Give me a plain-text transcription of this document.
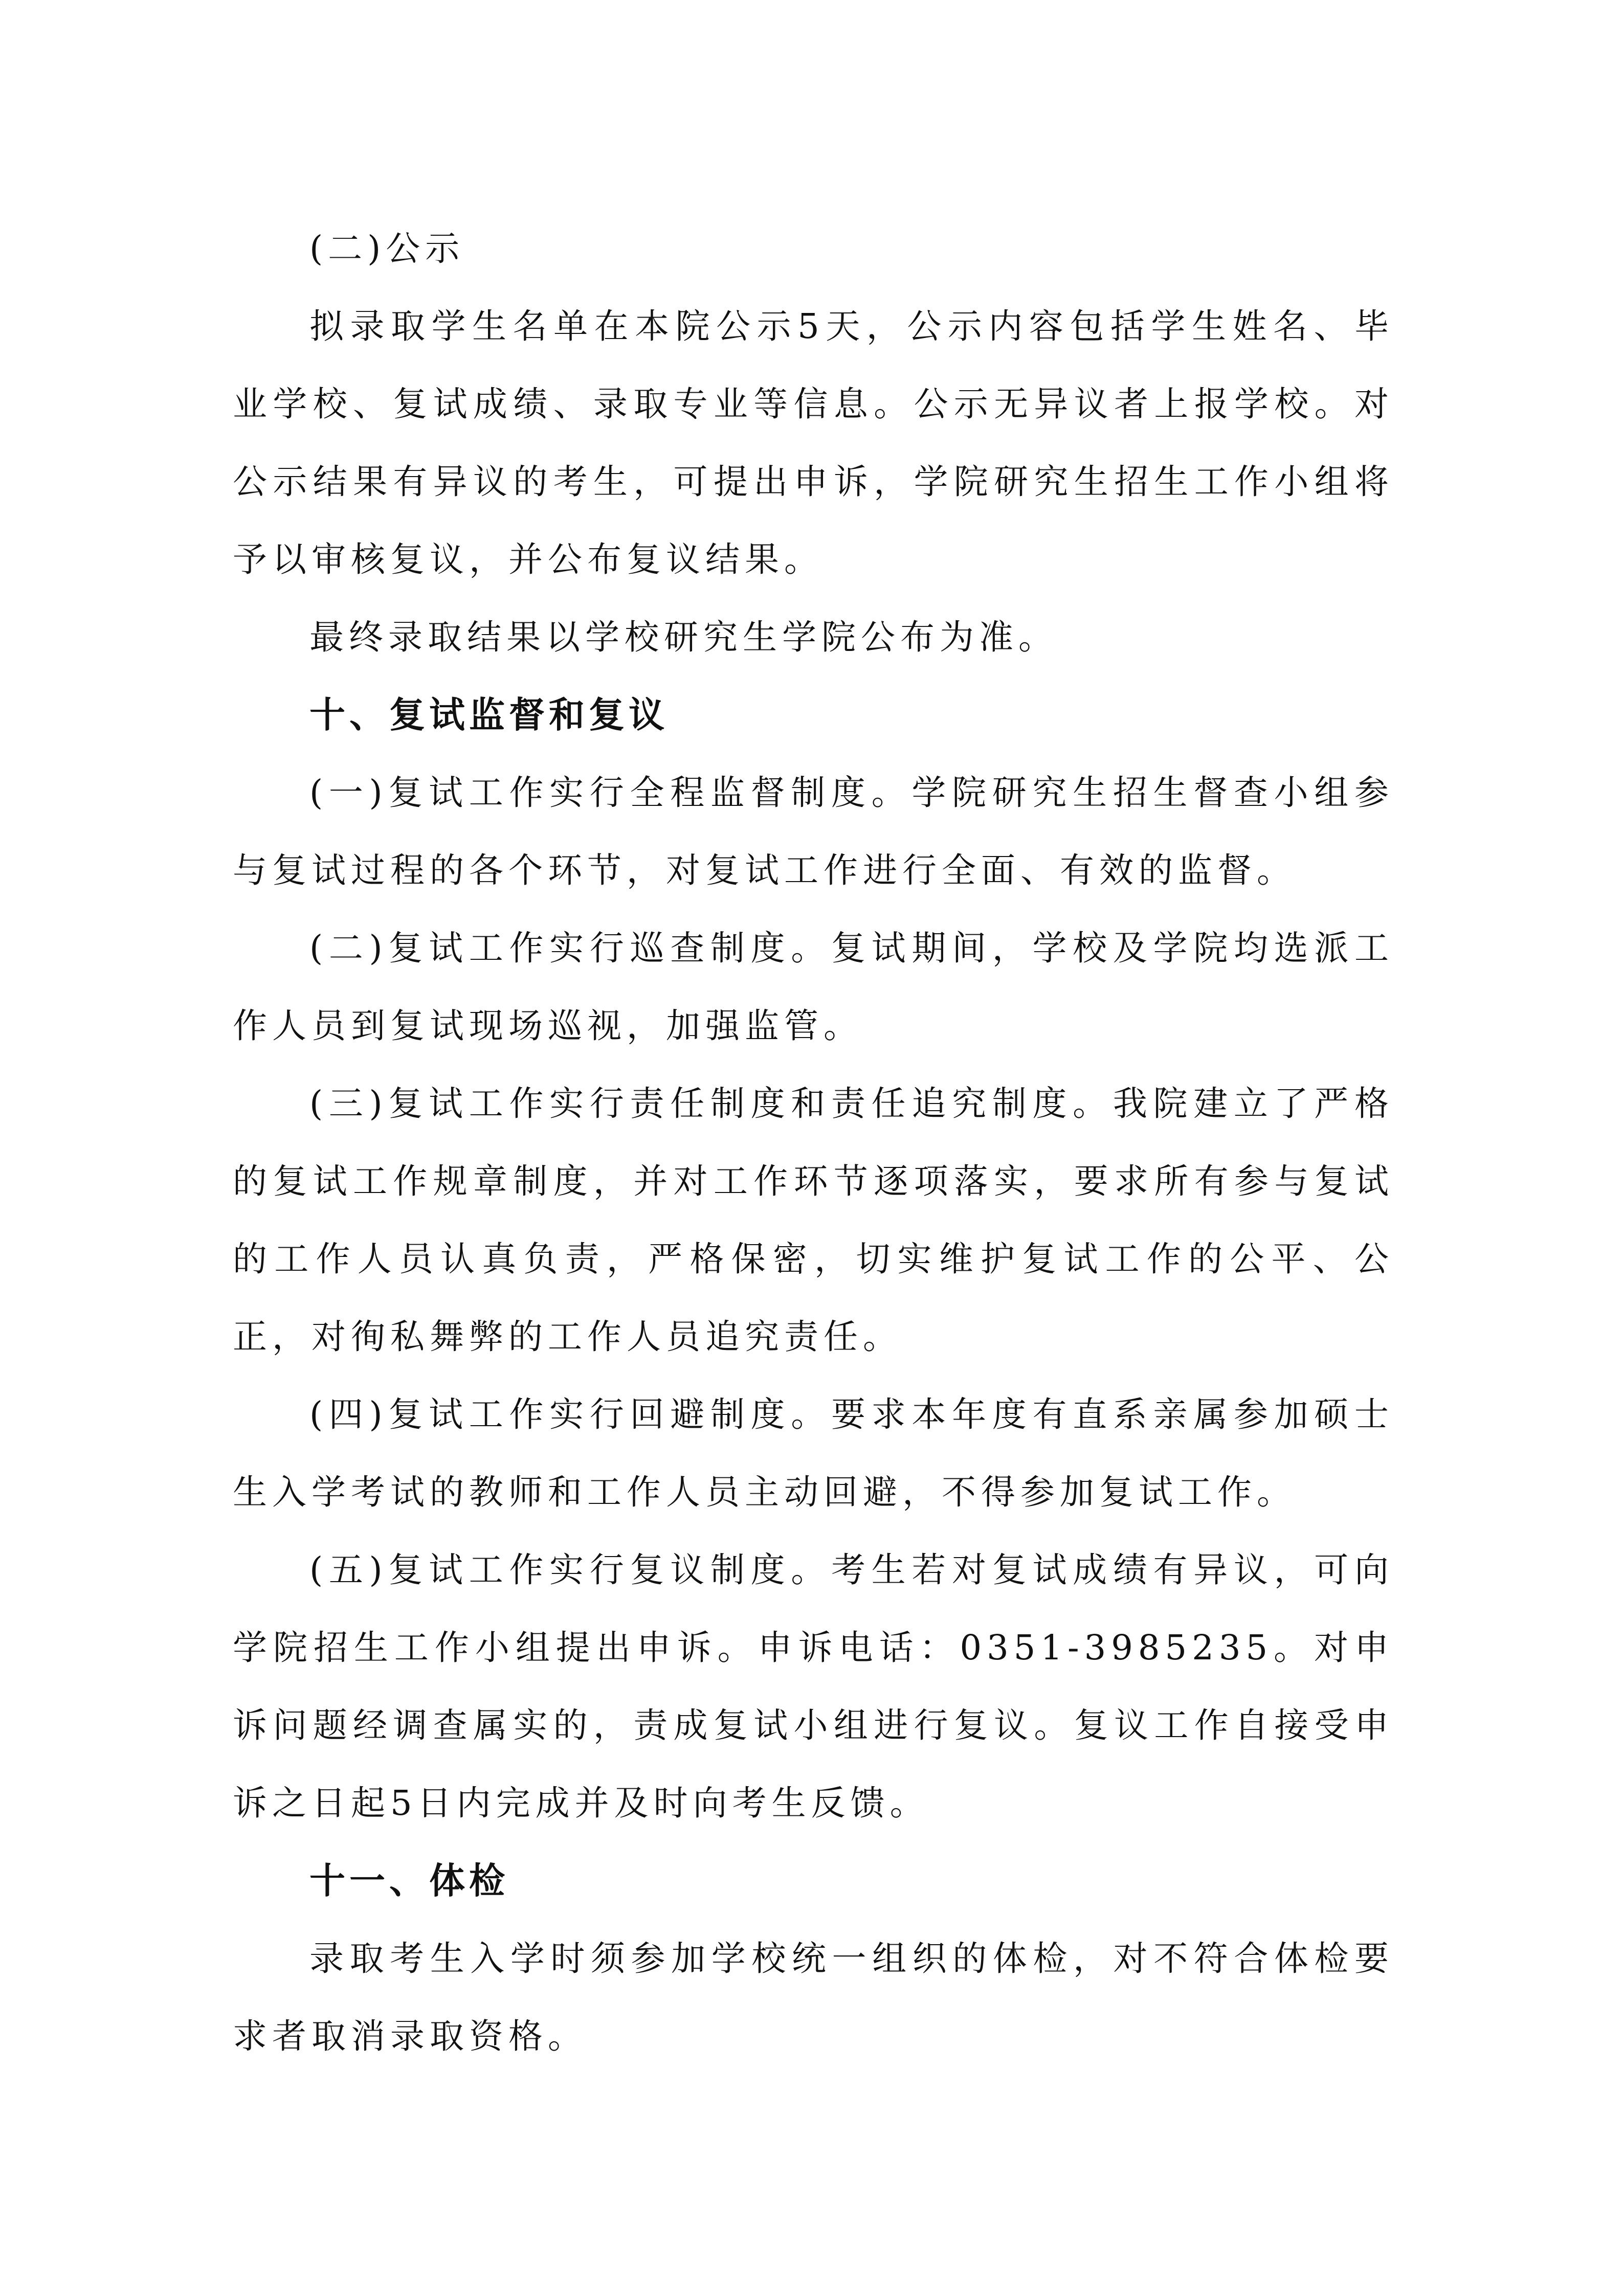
(二)公示

拟录取学生名单在本院公示5天，公示内容包括学生姓名、毕业学校、复试成绩、录取专业等信息。公示无异议者上报学校。对公示结果有异议的考生，可提出申诉，学院研究生招生工作小组将予以审核复议，并公布复议结果。

最终录取结果以学校研究生学院公布为准。

十、复试监督和复议

(一)复试工作实行全程监督制度。学院研究生招生督查小组参与复试过程的各个环节，对复试工作进行全面、有效的监督。

(二)复试工作实行巡查制度。复试期间，学校及学院均选派工作人员到复试现场巡视，加强监管。

(三)复试工作实行责任制度和责任追究制度。我院建立了严格的复试工作规章制度，并对工作环节逐项落实，要求所有参与复试的工作人员认真负责，严格保密，切实维护复试工作的公平、公正，对徇私舞弊的工作人员追究责任。

(四)复试工作实行回避制度。要求本年度有直系亲属参加硕士生入学考试的教师和工作人员主动回避，不得参加复试工作。

(五)复试工作实行复议制度。考生若对复试成绩有异议，可向学院招生工作小组提出申诉。申诉电话：0351-3985235。对申诉问题经调查属实的，责成复试小组进行复议。复议工作自接受申诉之日起5日内完成并及时向考生反馈。

十一、体检

录取考生入学时须参加学校统一组织的体检，对不符合体检要求者取消录取资格。
